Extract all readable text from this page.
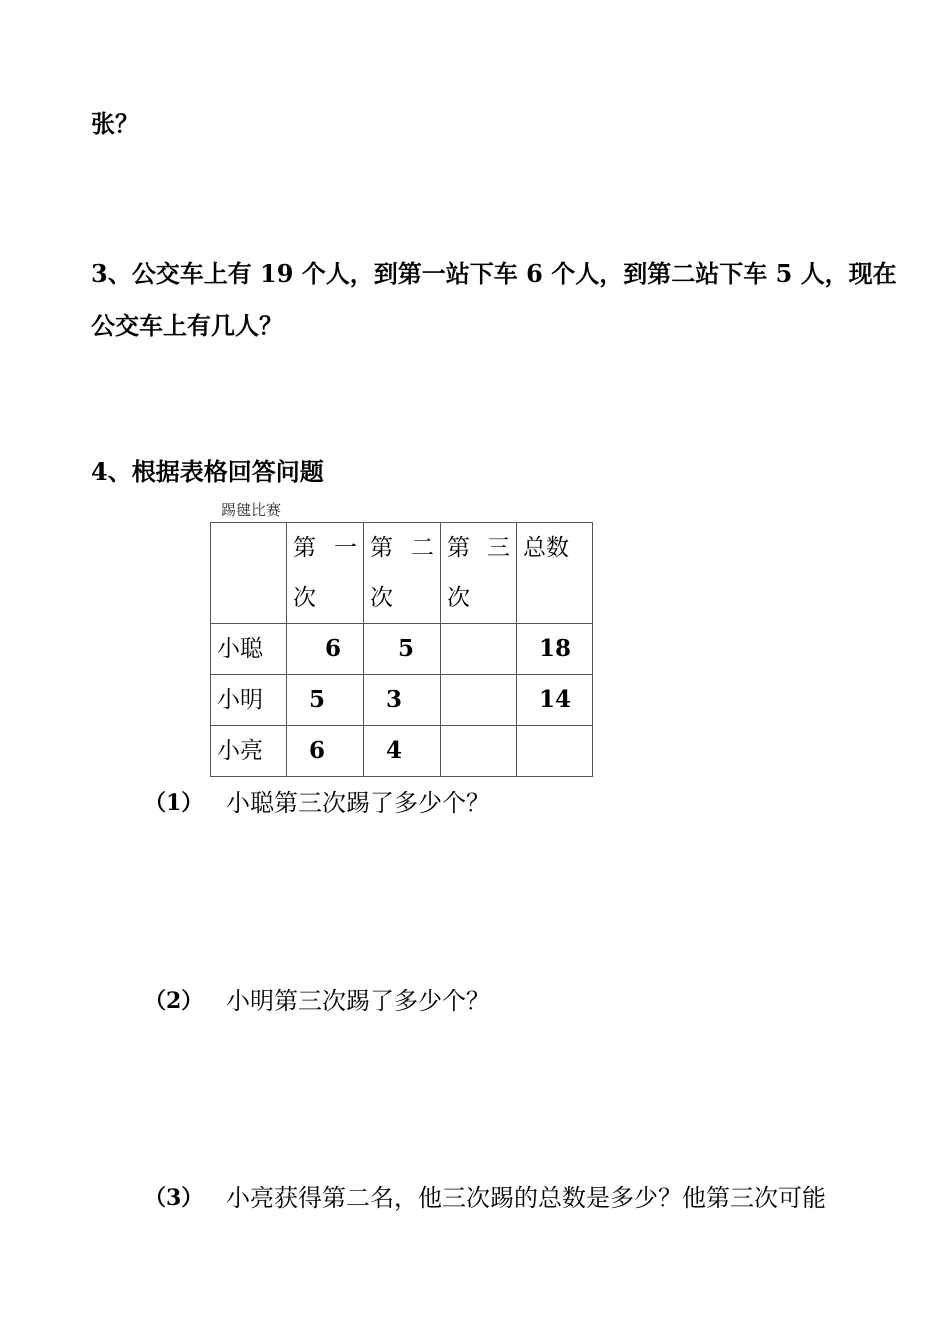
张？
3、公交车上有 19 个人，到第一站下车 6 个人，到第二站下车 5 人，现在
公交车上有几人？
4、根据表格回答问题
踢毽比赛

	第 一
次	第 二
次	第 三
次	总数

小聪	6	5		18
小明	5	3		14
小亮	6	4		
（1） 小聪第三次踢了多少个？
（2） 小明第三次踢了多少个？
（3） 小亮获得第二名，他三次踢的总数是多少？他第三次可能
